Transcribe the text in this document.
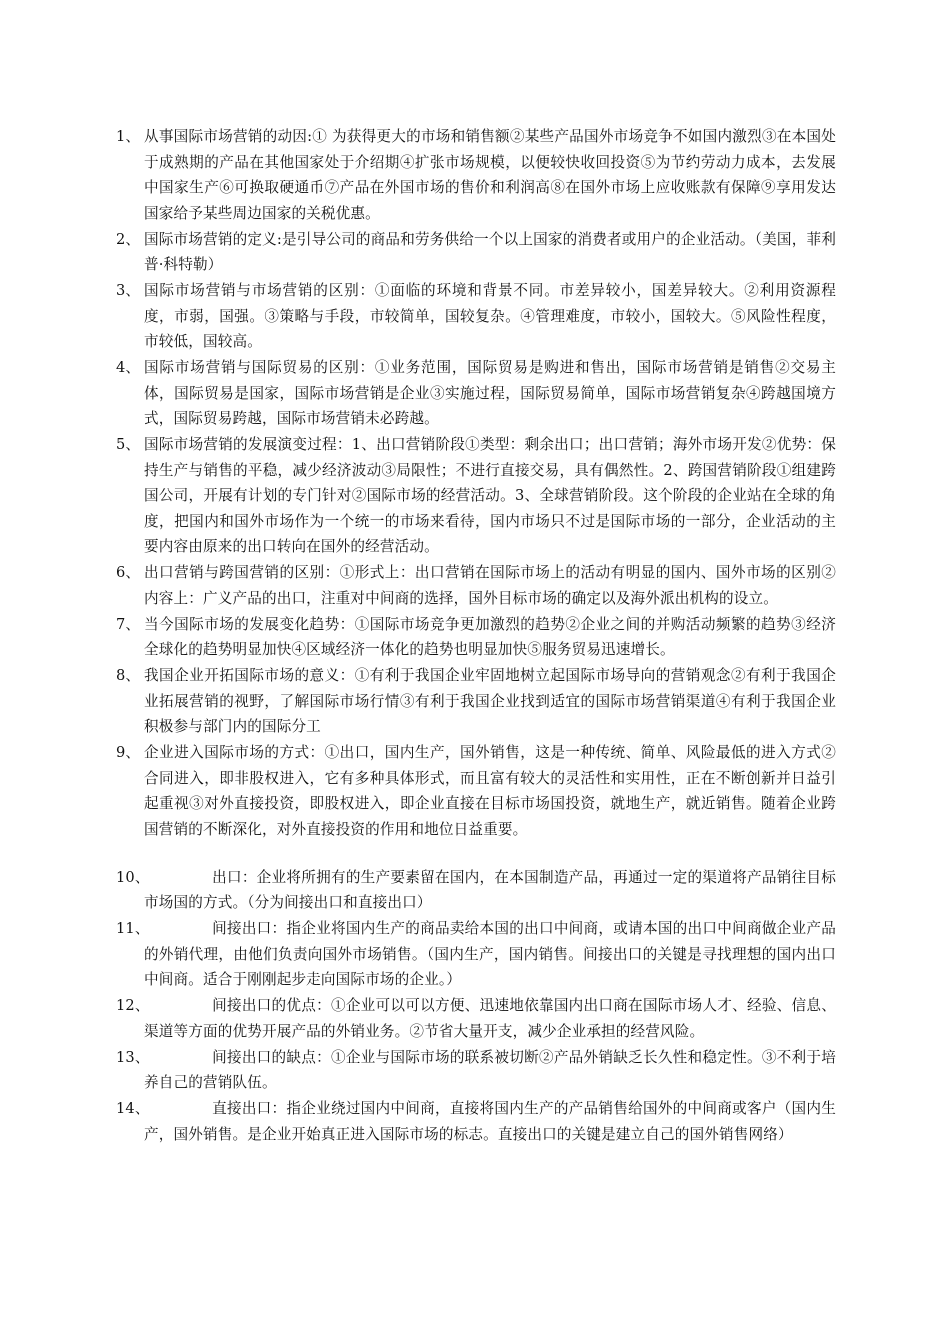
1、 从事国际市场营销的动因:① 为获得更大的市场和销售额②某些产品国外市场竞争不如国内激烈③在本国处于成熟期的产品在其他国家处于介绍期④扩张市场规模，以便较快收回投资⑤为节约劳动力成本，去发展中国家生产⑥可换取硬通币⑦产品在外国市场的售价和利润高⑧在国外市场上应收账款有保障⑨享用发达国家给予某些周边国家的关税优惠。
2、 国际市场营销的定义:是引导公司的商品和劳务供给一个以上国家的消费者或用户的企业活动。（美国，菲利普·科特勒）
3、 国际市场营销与市场营销的区别：①面临的环境和背景不同。市差异较小，国差异较大。②利用资源程度，市弱，国强。③策略与手段，市较简单，国较复杂。④管理难度，市较小，国较大。⑤风险性程度，市较低，国较高。
4、 国际市场营销与国际贸易的区别：①业务范围，国际贸易是购进和售出，国际市场营销是销售②交易主体，国际贸易是国家，国际市场营销是企业③实施过程，国际贸易简单，国际市场营销复杂④跨越国境方式，国际贸易跨越，国际市场营销未必跨越。
5、 国际市场营销的发展演变过程：1、出口营销阶段①类型：剩余出口；出口营销；海外市场开发②优势：保持生产与销售的平稳，减少经济波动③局限性；不进行直接交易，具有偶然性。2、跨国营销阶段①组建跨国公司，开展有计划的专门针对②国际市场的经营活动。3、全球营销阶段。这个阶段的企业站在全球的角度，把国内和国外市场作为一个统一的市场来看待，国内市场只不过是国际市场的一部分，企业活动的主要内容由原来的出口转向在国外的经营活动。
6、 出口营销与跨国营销的区别：①形式上：出口营销在国际市场上的活动有明显的国内、国外市场的区别②内容上：广义产品的出口，注重对中间商的选择，国外目标市场的确定以及海外派出机构的设立。
7、 当今国际市场的发展变化趋势：①国际市场竞争更加激烈的趋势②企业之间的并购活动频繁的趋势③经济全球化的趋势明显加快④区域经济一体化的趋势也明显加快⑤服务贸易迅速增长。
8、 我国企业开拓国际市场的意义：①有利于我国企业牢固地树立起国际市场导向的营销观念②有利于我国企业拓展营销的视野，了解国际市场行情③有利于我国企业找到适宜的国际市场营销渠道④有利于我国企业积极参与部门内的国际分工
9、 企业进入国际市场的方式：①出口，国内生产，国外销售，这是一种传统、简单、风险最低的进入方式②合同进入，即非股权进入，它有多种具体形式，而且富有较大的灵活性和实用性，正在不断创新并日益引起重视③对外直接投资，即股权进入，即企业直接在目标市场国投资，就地生产，就近销售。随着企业跨国营销的不断深化，对外直接投资的作用和地位日益重要。
10、	出口：企业将所拥有的生产要素留在国内，在本国制造产品，再通过一定的渠道将产品销往目标市场国的方式。（分为间接出口和直接出口）
11、	间接出口：指企业将国内生产的商品卖给本国的出口中间商，或请本国的出口中间商做企业产品的外销代理，由他们负责向国外市场销售。（国内生产，国内销售。间接出口的关键是寻找理想的国内出口中间商。适合于刚刚起步走向国际市场的企业。）
12、	间接出口的优点：①企业可以可以方便、迅速地依靠国内出口商在国际市场人才、经验、信息、渠道等方面的优势开展产品的外销业务。②节省大量开支，减少企业承担的经营风险。
13、	间接出口的缺点：①企业与国际市场的联系被切断②产品外销缺乏长久性和稳定性。③不利于培养自己的营销队伍。
14、	直接出口：指企业绕过国内中间商，直接将国内生产的产品销售给国外的中间商或客户（国内生产，国外销售。是企业开始真正进入国际市场的标志。直接出口的关键是建立自己的国外销售网络）
